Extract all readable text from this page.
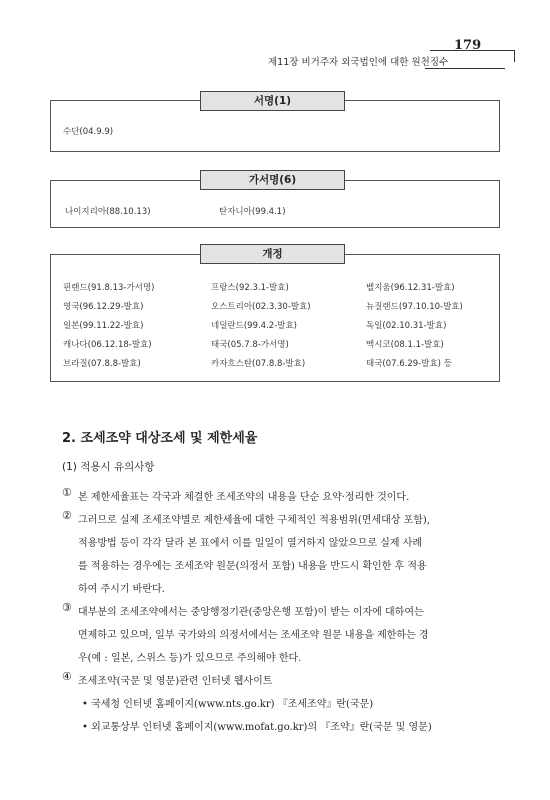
179
제11장 비거주자 외국법인에 대한 원천징수
수단(04.9.9)
서명(1)
나이지리아(88.10.13)	탄자니아(99.4.1)
가서명(6)
핀랜드(91.8.13-가서명)	프랑스(92.3.1-발효)	벨지움(96.12.31-발효)
영국(96.12.29-발효)	오스트리아(02.3.30-발효)	뉴질랜드(97.10.10-발효)
일본(99.11.22-발효)	네덜란드(99.4.2-발효)	독일(02.10.31-발효)
캐나다(06.12.18-발효)	태국(05.7.8-가서명)	멕시코(08.1.1-발효)
브라질(07.8.8-발효)	카자흐스탄(07.8.8-발효)	태국(07.6.29-발효) 등
개정
2. 조세조약 대상조세 및 제한세율
(1) 적용시 유의사항
① 본 제한세율표는 각국과 체결한 조세조약의 내용을 단순 요약·정리한 것이다.
② 그러므로 실제 조세조약별로 제한세율에 대한 구체적인 적용범위(면세대상 포함),
적용방법 등이 각각 달라 본 표에서 이를 일일이 열거하지 않았으므로 실제 사례
를 적용하는 경우에는 조세조약 원문(의정서 포함) 내용을 반드시 확인한 후 적용
하여 주시기 바란다.
③ 대부분의 조세조약에서는 중앙행정기관(중앙은행 포함)이 받는 이자에 대하여는
면제하고 있으며, 일부 국가와의 의정서에서는 조세조약 원문 내용을 제한하는 경
우(예 : 일본, 스위스 등)가 있으므로 주의해야 한다.
④ 조세조약(국문 및 영문)관련 인터넷 웹사이트
• 국세청 인터넷 홈페이지(www.nts.go.kr) 『조세조약』란(국문)
• 외교통상부 인터넷 홈페이지(www.mofat.go.kr)의 『조약』란(국문 및 영문)
